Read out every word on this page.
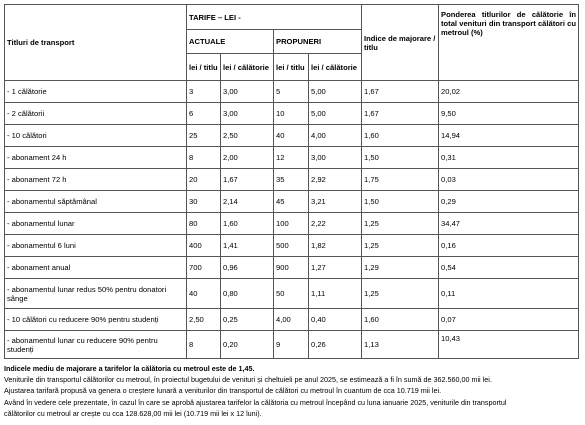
Titluri de transport	TARIFE – LEI -				Indice de majorare / titlu	Ponderea titlurilor de călătorie în total venituri din transport călători cu metroul (%)
	ACTUALE		PROPUNERI			
	lei / titlu	lei / călătorie	lei / titlu	lei / călătorie		
- 1 călătorie	3	3,00	5	5,00	1,67	20,02
- 2 călătorii	6	3,00	10	5,00	1,67	9,50
- 10 călători	25	2,50	40	4,00	1,60	14,94
- abonament 24 h	8	2,00	12	3,00	1,50	0,31
- abonament 72 h	20	1,67	35	2,92	1,75	0,03
- abonamentul săptămânal	30	2,14	45	3,21	1,50	0,29
- abonamentul lunar	80	1,60	100	2,22	1,25	34,47
- abonamentul 6 luni	400	1,41	500	1,82	1,25	0,16
- abonament anual	700	0,96	900	1,27	1,29	0,54
- abonamentul lunar redus 50% pentru donatori sânge	40	0,80	50	1,11	1,25	0,11
- 10 călători cu reducere 90% pentru studenți	2,50	0,25	4,00	0,40	1,60	0,07
- abonamentul lunar cu reducere 90% pentru studenți	8	0,20	9	0,26	1,13	10,43
Indicele mediu de majorare a tarifelor la călătoria cu metroul este de 1,45.
Veniturile din transportul călătorilor cu metroul, în proiectul bugetului de venituri și cheltuieli pe anul 2025, se estimează a fi în sumă de 362.560,00 mii lei.
Ajustarea tarifară propusă va genera o creștere lunară a veniturilor din transportul de călători cu metroul în cuantum de cca 10.719 mii lei.
Având în vedere cele prezentate, în cazul în care se aprobă ajustarea tarifelor la călătoria cu metroul începând cu luna ianuarie 2025, veniturile din transportul
călătorilor cu metroul ar crește cu cca 128.628,00 mii lei (10.719 mii lei x 12 luni).
